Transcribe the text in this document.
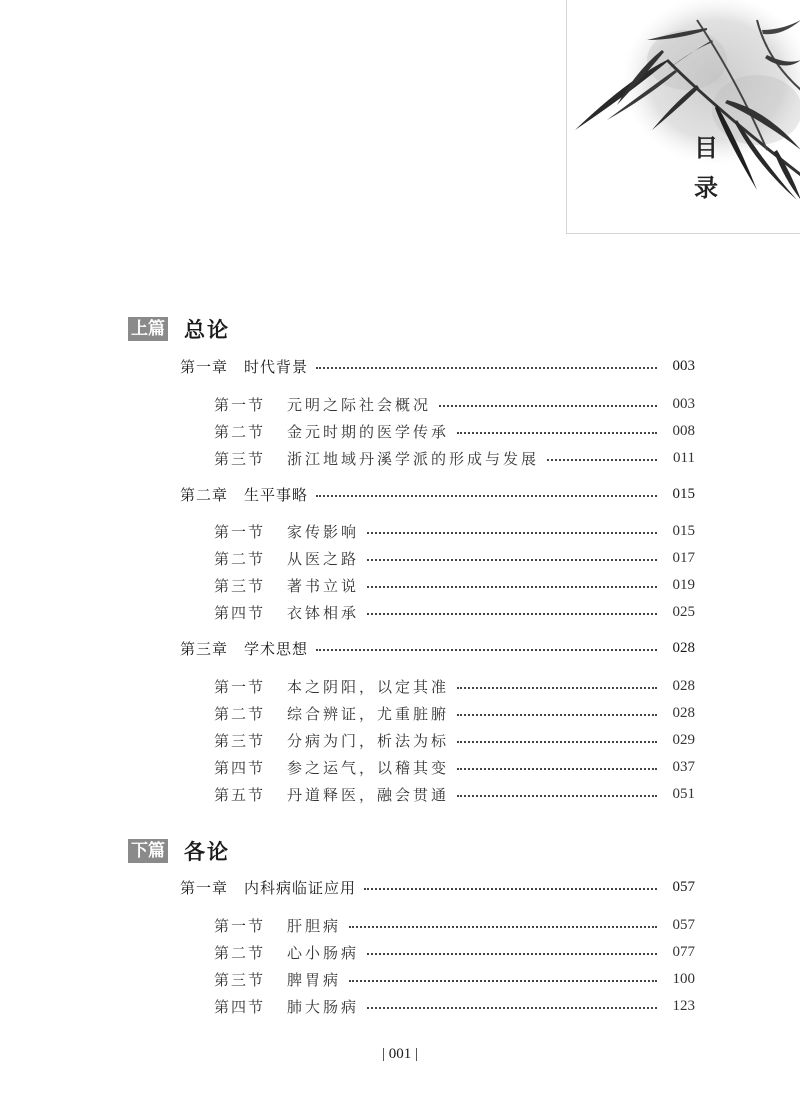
目
录
上篇 总论
第一章 时代背景	003
第一节 元明之际社会概况	003
第二节 金元时期的医学传承	008
第三节 浙江地域丹溪学派的形成与发展	011
第二章 生平事略	015
第一节 家传影响	015
第二节 从医之路	017
第三节 著书立说	019
第四节 衣钵相承	025
第三章 学术思想	028
第一节 本之阴阳，以定其准	028
第二节 综合辨证，尤重脏腑	028
第三节 分病为门，析法为标	029
第四节 参之运气，以稽其变	037
第五节 丹道释医，融会贯通	051
下篇 各论
第一章 内科病临证应用	057
第一节 肝胆病	057
第二节 心小肠病	077
第三节 脾胃病	100
第四节 肺大肠病	123
| 001 |
